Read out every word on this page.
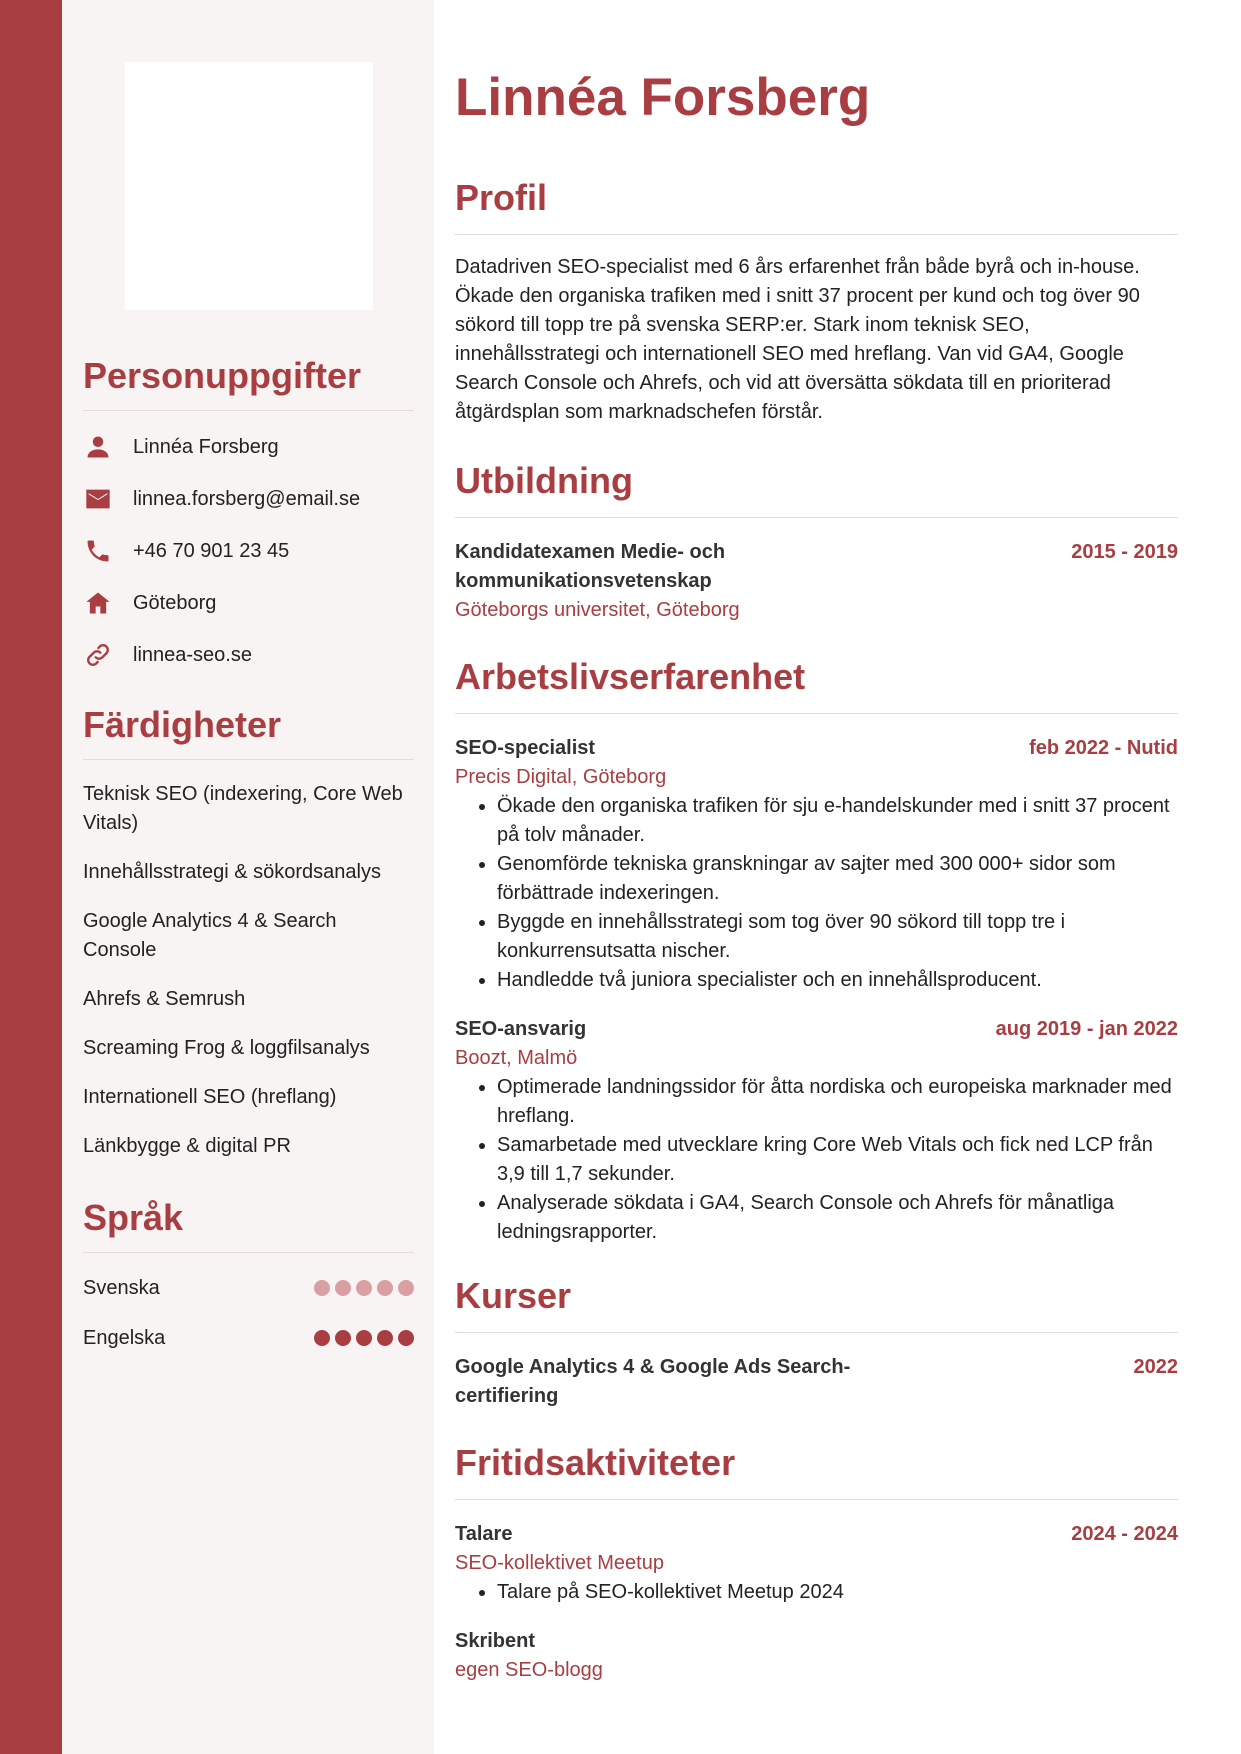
Personuppgifter
Linnéa Forsberg
linnea.forsberg@email.se
+46 70 901 23 45
Göteborg
linnea-seo.se
Färdigheter
Teknisk SEO (indexering, Core Web Vitals)
Innehållsstrategi & sökordsanalys
Google Analytics 4 & Search Console
Ahrefs & Semrush
Screaming Frog & loggfilsanalys
Internationell SEO (hreflang)
Länkbygge & digital PR
Språk
Svenska
Engelska
Linnéa Forsberg
Profil
Datadriven SEO-specialist med 6 års erfarenhet från både byrå och in-house. Ökade den organiska trafiken med i snitt 37 procent per kund och tog över 90 sökord till topp tre på svenska SERP:er. Stark inom teknisk SEO, innehållsstrategi och internationell SEO med hreflang. Van vid GA4, Google Search Console och Ahrefs, och vid att översätta sökdata till en prioriterad åtgärdsplan som marknadschefen förstår.
Utbildning
Kandidatexamen Medie- och kommunikationsvetenskap
2015 - 2019
Göteborgs universitet, Göteborg
Arbetslivserfarenhet
SEO-specialist	feb 2022 - Nutid
Precis Digital, Göteborg
• Ökade den organiska trafiken för sju e-handelskunder med i snitt 37 procent på tolv månader.
• Genomförde tekniska granskningar av sajter med 300 000+ sidor som förbättrade indexeringen.
• Byggde en innehållsstrategi som tog över 90 sökord till topp tre i konkurrensutsatta nischer.
• Handledde två juniora specialister och en innehållsproducent.
SEO-ansvarig	aug 2019 - jan 2022
Boozt, Malmö
• Optimerade landningssidor för åtta nordiska och europeiska marknader med hreflang.
• Samarbetade med utvecklare kring Core Web Vitals och fick ned LCP från 3,9 till 1,7 sekunder.
• Analyserade sökdata i GA4, Search Console och Ahrefs för månatliga ledningsrapporter.
Kurser
Google Analytics 4 & Google Ads Search-certifiering
2022
Fritidsaktiviteter
Talare	2024 - 2024
SEO-kollektivet Meetup
• Talare på SEO-kollektivet Meetup 2024
Skribent
egen SEO-blogg
